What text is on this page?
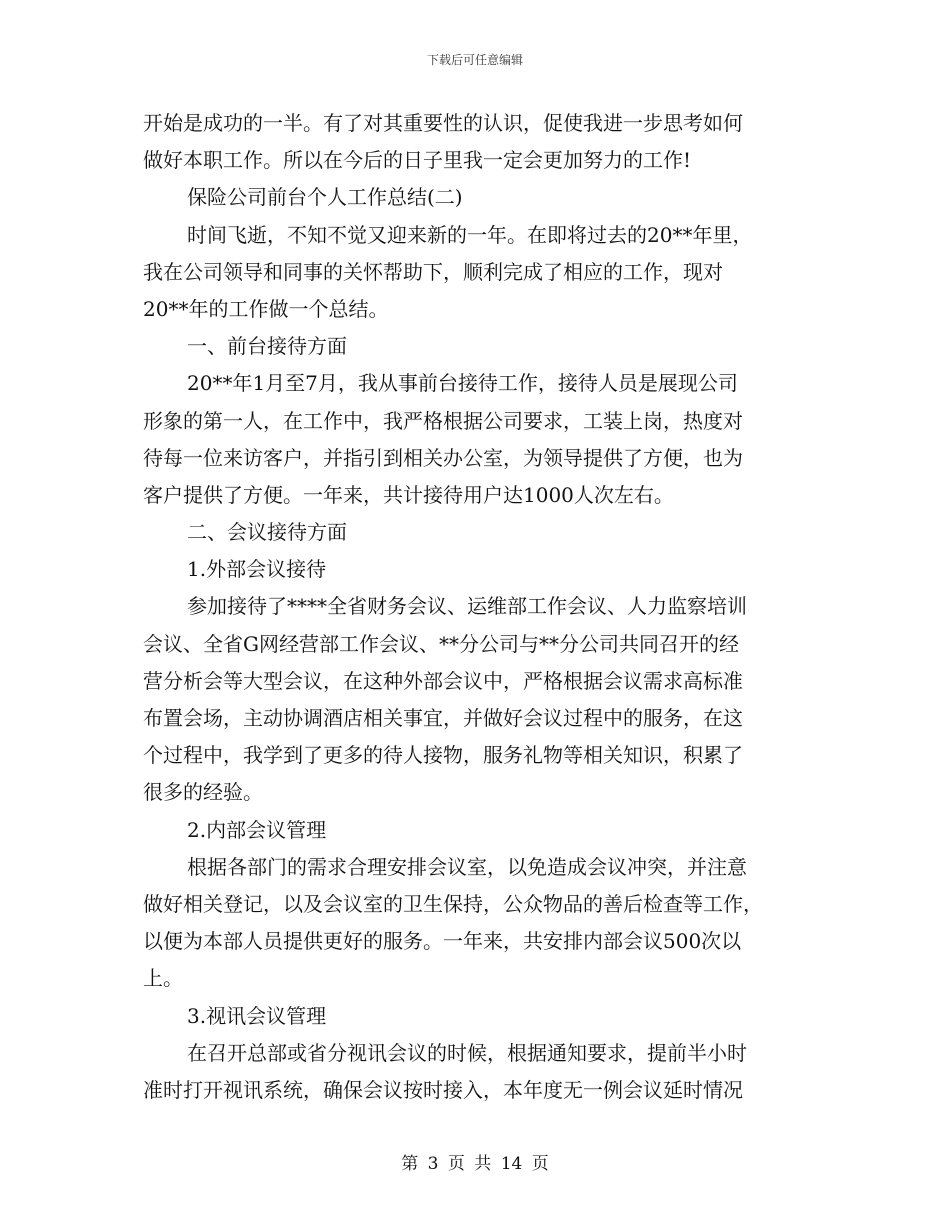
下载后可任意编辑
开始是成功的一半。有了对其重要性的认识，促使我进一步思考如何
做好本职工作。所以在今后的日子里我一定会更加努力的工作!
保险公司前台个人工作总结(二)
时间飞逝，不知不觉又迎来新的一年。在即将过去的20**年里，
我在公司领导和同事的关怀帮助下，顺利完成了相应的工作，现对
20**年的工作做一个总结。
一、前台接待方面
20**年1月至7月，我从事前台接待工作，接待人员是展现公司
形象的第一人，在工作中，我严格根据公司要求，工装上岗，热度对
待每一位来访客户，并指引到相关办公室，为领导提供了方便，也为
客户提供了方便。一年来，共计接待用户达1000人次左右。
二、会议接待方面
1.外部会议接待
参加接待了****全省财务会议、运维部工作会议、人力监察培训
会议、全省G网经营部工作会议、**分公司与**分公司共同召开的经
营分析会等大型会议，在这种外部会议中，严格根据会议需求高标准
布置会场，主动协调酒店相关事宜，并做好会议过程中的服务，在这
个过程中，我学到了更多的待人接物，服务礼物等相关知识，积累了
很多的经验。
2.内部会议管理
根据各部门的需求合理安排会议室，以免造成会议冲突，并注意
做好相关登记，以及会议室的卫生保持，公众物品的善后检查等工作，
以便为本部人员提供更好的服务。一年来，共安排内部会议500次以
上。
3.视讯会议管理
在召开总部或省分视讯会议的时候，根据通知要求，提前半小时
准时打开视讯系统，确保会议按时接入，本年度无一例会议延时情况
第 3 页 共 14 页
